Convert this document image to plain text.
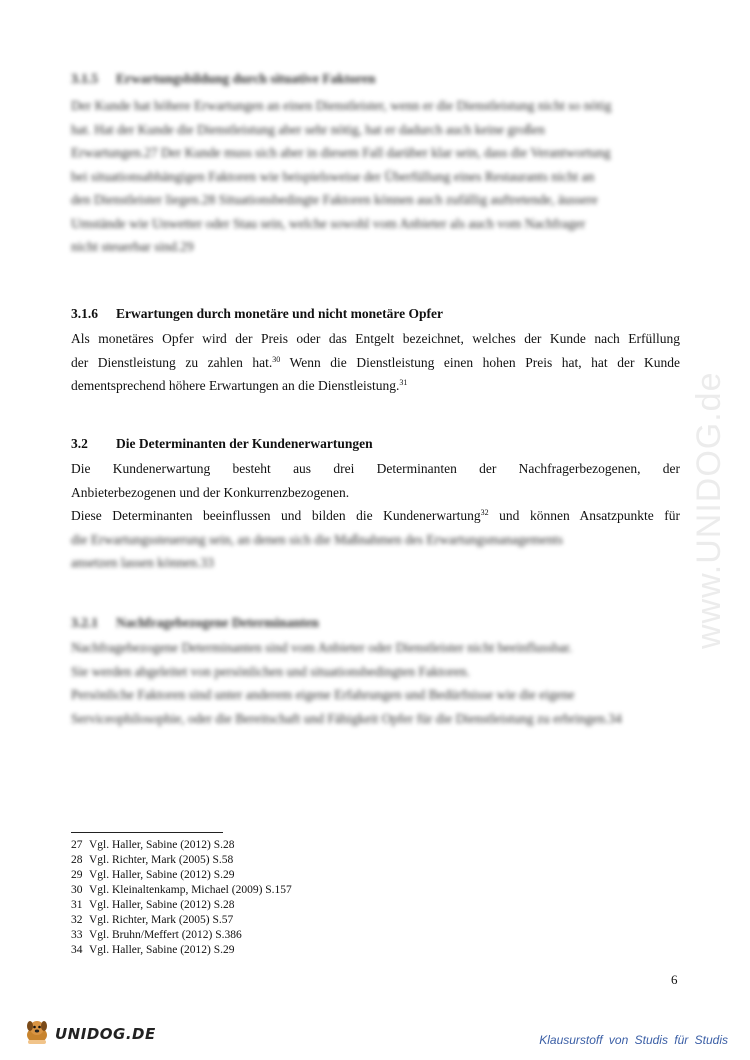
www.UNIDOG.de
3.1.5 Erwartungsbildung durch situative Faktoren

Der Kunde hat höhere Erwartungen an einen Dienstleister, wenn er die Dienstleistung nicht so nötig

hat. Hat der Kunde die Dienstleistung aber sehr nötig, hat er dadurch auch keine großen

Erwartungen.27 Der Kunde muss sich aber in diesem Fall darüber klar sein, dass die Verantwortung

bei situationsabhängigen Faktoren wie beispielsweise der Überfüllung eines Restaurants nicht an

den Dienstleister liegen.28 Situationsbedingte Faktoren können auch zufällig auftretende, äussere

Umstände wie Unwetter oder Stau sein, welche sowohl vom Anbieter als auch vom Nachfrager

nicht steuerbar sind.29

3.1.6 Erwartungen durch monetäre und nicht monetäre Opfer

Als monetäres Opfer wird der Preis oder das Entgelt bezeichnet, welches der Kunde nach Erfüllung

der Dienstleistung zu zahlen hat.$^{30}$ Wenn die Dienstleistung einen hohen Preis hat, hat der Kunde

dementsprechend höhere Erwartungen an die Dienstleistung.$^{31}$

3.2 Die Determinanten der Kundenerwartungen

Die Kundenerwartung besteht aus drei Determinanten der Nachfragerbezogenen, der

Anbieterbezogenen und der Konkurrenzbezogenen.

Diese Determinanten beeinflussen und bilden die Kundenerwartung$^{32}$ und können Ansatzpunkte für

die Erwartungssteuerung sein, an denen sich die Maßnahmen des Erwartungsmanagements

ansetzen lassen können.33

3.2.1 Nachfragebezogene Determinanten

Nachfragebezogene Determinanten sind vom Anbieter oder Dienstleister nicht beeinflussbar.

Sie werden abgeleitet von persönlichen und situationsbedingten Faktoren.

Persönliche Faktoren sind unter anderem eigene Erfahrungen und Bedürfnisse wie die eigene

Serviceophilosophie, oder die Bereitschaft und Fähigkeit Opfer für die Dienstleistung zu erbringen.34

27 Vgl. Haller, Sabine (2012) S.28
28 Vgl. Richter, Mark (2005) S.58
29 Vgl. Haller, Sabine (2012) S.29
30 Vgl. Kleinaltenkamp, Michael (2009) S.157
31 Vgl. Haller, Sabine (2012) S.28
32 Vgl. Richter, Mark (2005) S.57
33 Vgl. Bruhn/Meffert (2012) S.386
34 Vgl. Haller, Sabine (2012) S.29
6
UNIDOG.DE	Klausurstoff von Studis für Studis
